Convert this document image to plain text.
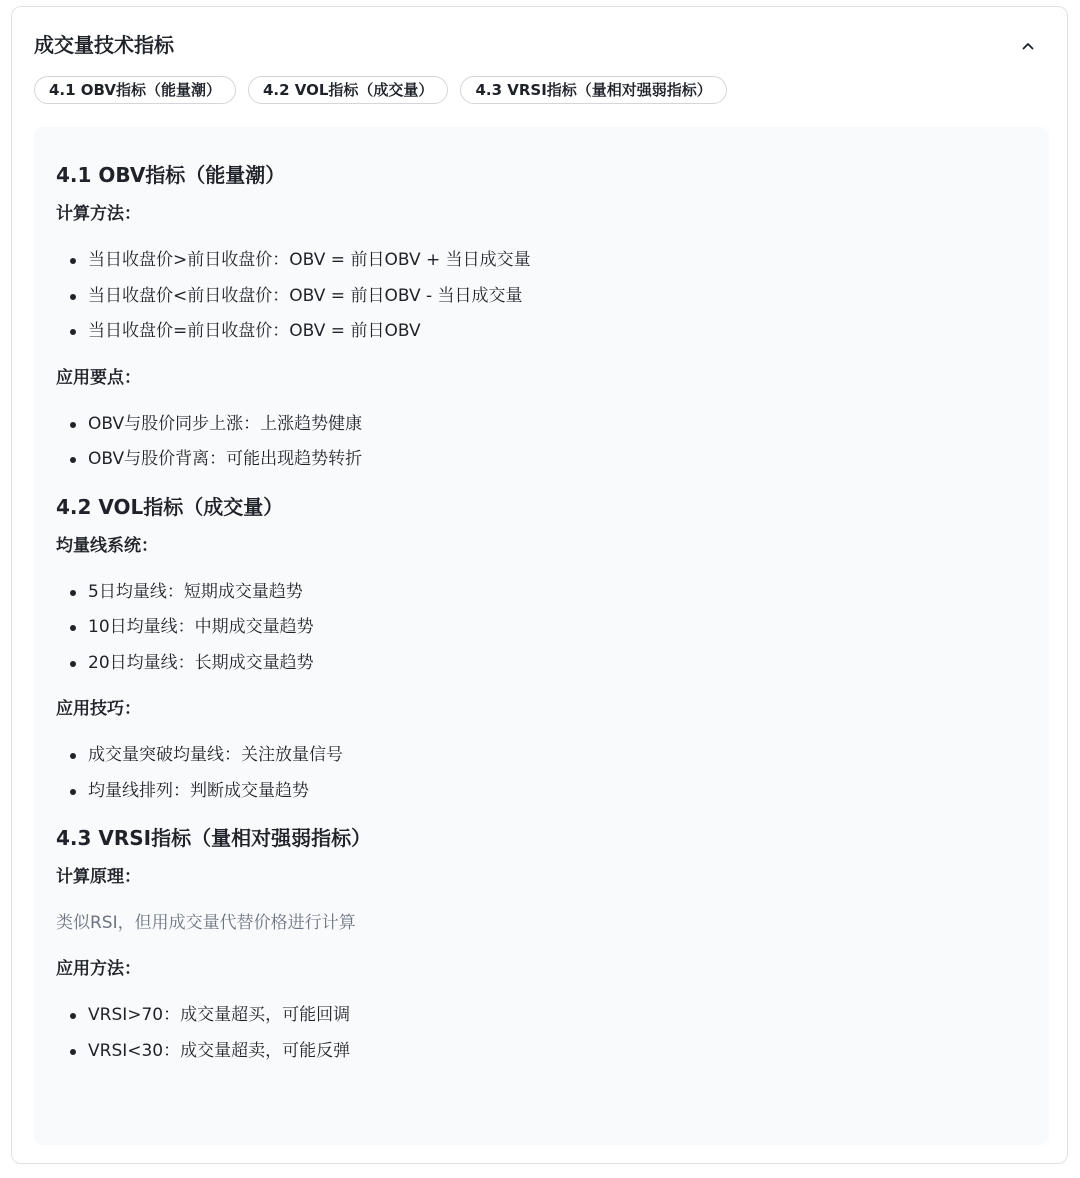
成交量技术指标
4.1 OBV指标（能量潮）	4.2 VOL指标（成交量）	4.3 VRSI指标（量相对强弱指标）
4.1 OBV指标（能量潮）

计算方法：

当日收盘价>前日收盘价：OBV = 前日OBV + 当日成交量
当日收盘价<前日收盘价：OBV = 前日OBV - 当日成交量
当日收盘价=前日收盘价：OBV = 前日OBV

应用要点：

OBV与股价同步上涨：上涨趋势健康
OBV与股价背离：可能出现趋势转折
4.2 VOL指标（成交量）

均量线系统：

5日均量线：短期成交量趋势
10日均量线：中期成交量趋势
20日均量线：长期成交量趋势

应用技巧：

成交量突破均量线：关注放量信号
均量线排列：判断成交量趋势
4.3 VRSI指标（量相对强弱指标）

计算原理：

类似RSI，但用成交量代替价格进行计算

应用方法：

VRSI>70：成交量超买，可能回调
VRSI<30：成交量超卖，可能反弹
